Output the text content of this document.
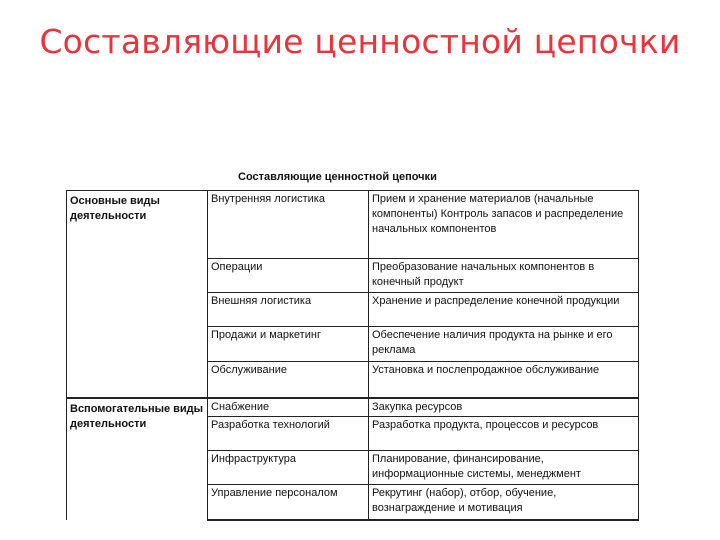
Составляющие ценностной цепочки
Составляющие ценностной цепочки
Основные виды деятельности	Внутренняя логистика	Прием и хранение материалов (начальные компоненты) Контроль запасов и распределение начальных компонентов
	Операции	Преобразование начальных компонентов в конечный продукт
	Внешняя логистика	Хранение и распределение конечной продукции
	Продажи и маркетинг	Обеспечение наличия продукта на рынке и его реклама
	Обслуживание	Установка и послепродажное обслуживание
Вспомогательные виды деятельности	Снабжение	Закупка ресурсов
	Разработка технологий	Разработка продукта, процессов и ресурсов
	Инфраструктура	Планирование, финансирование, информационные системы, менеджмент
	Управление персоналом	Рекрутинг (набор), отбор, обучение, вознаграждение и мотивация
